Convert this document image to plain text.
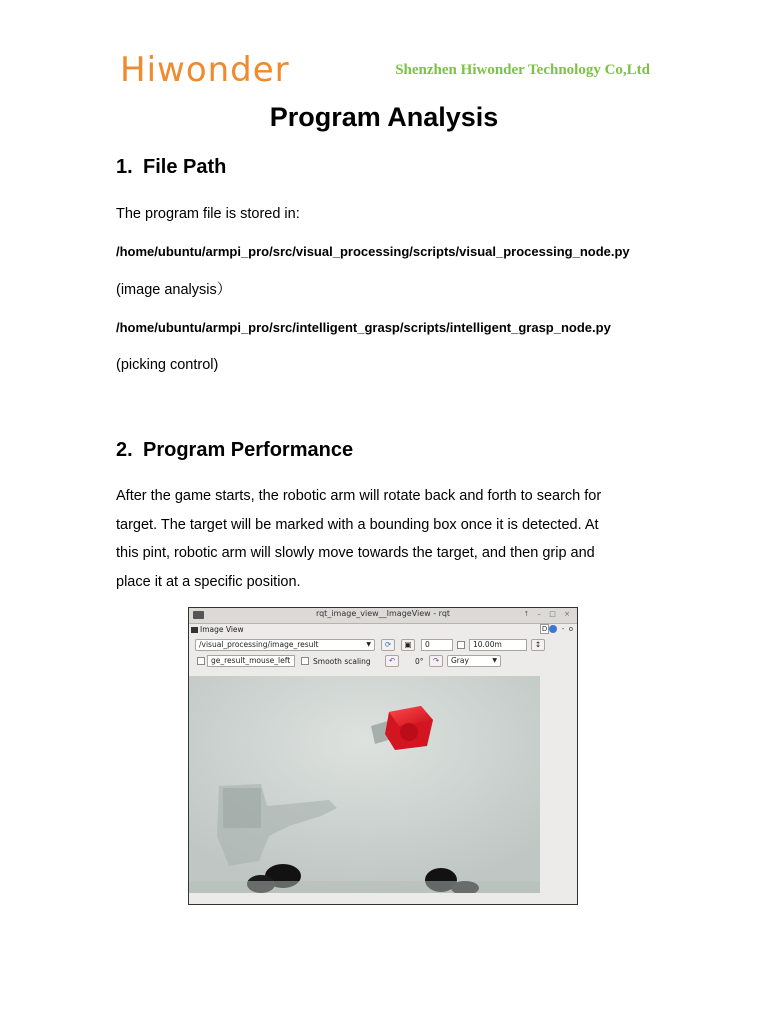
Hiwonder	Shenzhen Hiwonder Technology Co,Ltd
Program Analysis
1. File Path
The program file is stored in:
/home/ubuntu/armpi_pro/src/visual_processing/scripts/visual_processing_node.py
(image analysis）
/home/ubuntu/armpi_pro/src/intelligent_grasp/scripts/intelligent_grasp_node.py
(picking control)
2. Program Performance
After the game starts, the robotic arm will rotate back and forth to search for
target. The target will be marked with a bounding box once it is detected. At
this pint, robotic arm will slowly move towards the target, and then grip and
place it at a specific position.
rqt_image_view__ImageView - rqt	↑ – □ ×
Image View	D  -  o
/visual_processing/image_result	▼	⟳	▣	0	10.00m	↕
ge_result_mouse_left	Smooth scaling	↶	0°	↷	Gray	▼
